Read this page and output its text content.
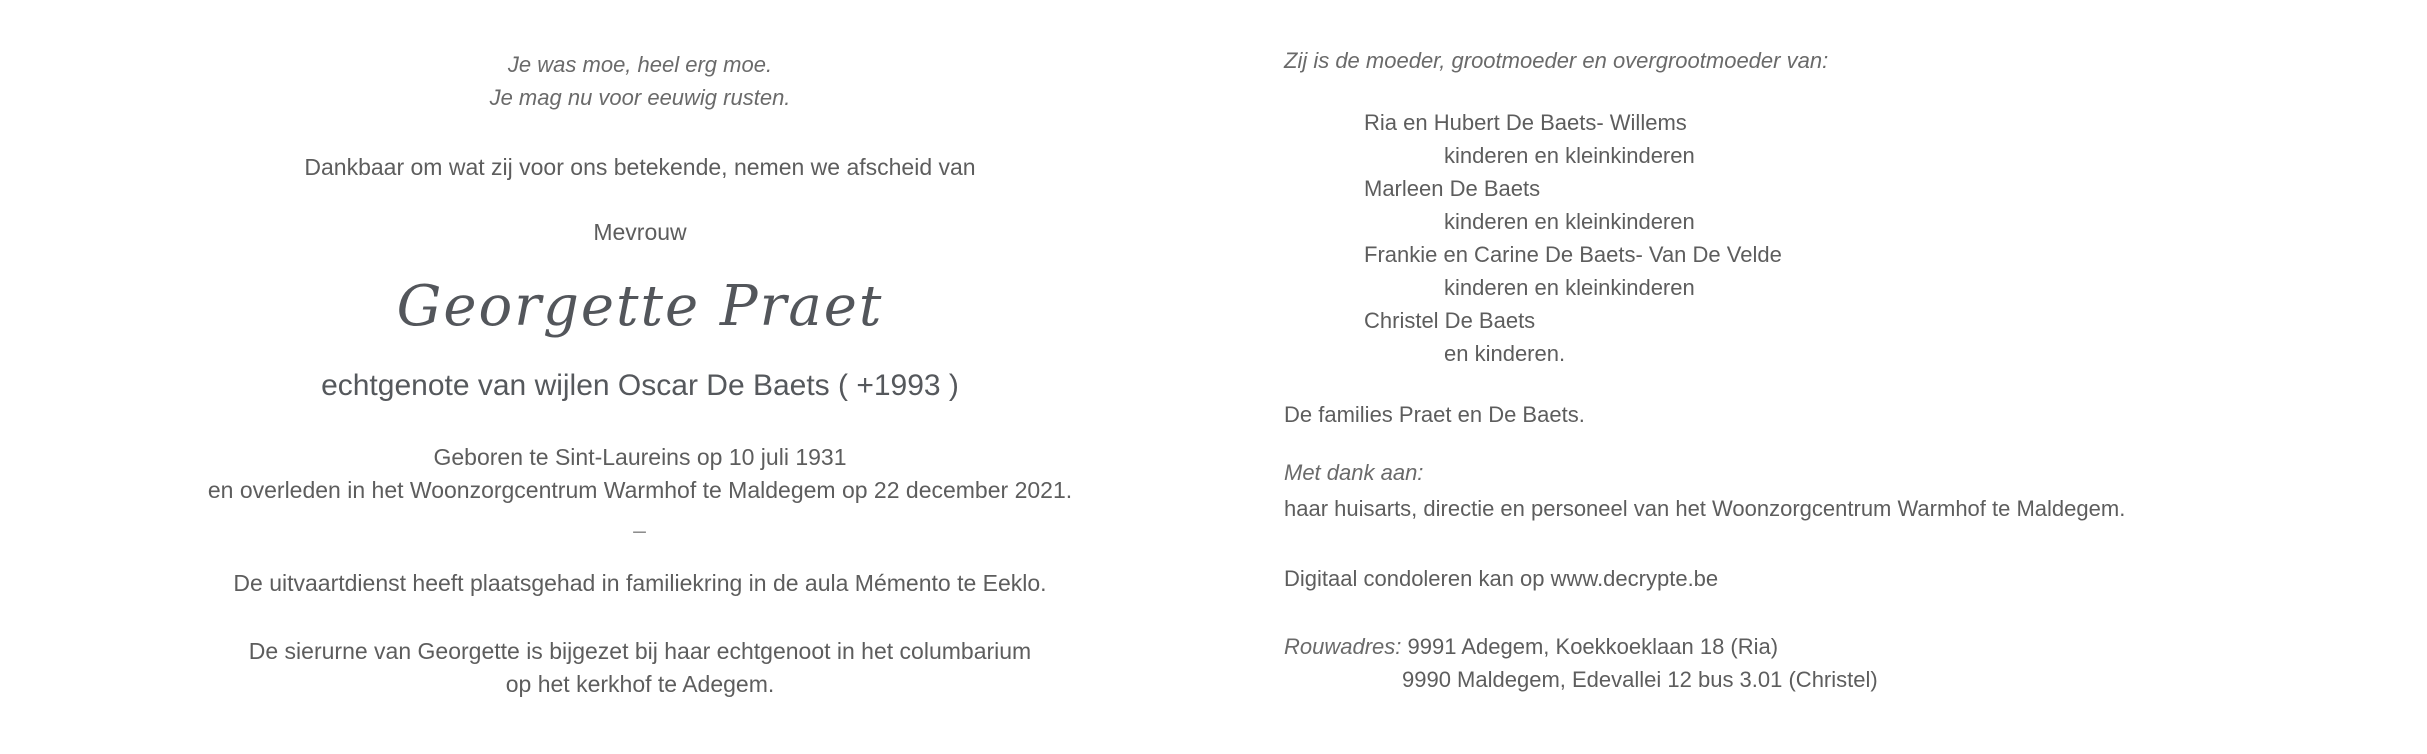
Je was moe, heel erg moe.
Je mag nu voor eeuwig rusten.
Dankbaar om wat zij voor ons betekende, nemen we afscheid van
Mevrouw
Georgette Praet
echtgenote van wijlen Oscar De Baets ( +1993 )
Geboren te Sint-Laureins op 10 juli 1931
en overleden in het Woonzorgcentrum Warmhof te Maldegem op 22 december 2021.
–
De uitvaartdienst heeft plaatsgehad in familiekring in de aula Mémento te Eeklo.
De sierurne van Georgette is bijgezet bij haar echtgenoot in het columbarium
op het kerkhof te Adegem.
Zij is de moeder, grootmoeder en overgrootmoeder van:
Ria en Hubert De Baets- Willems
kinderen en kleinkinderen
Marleen De Baets
kinderen en kleinkinderen
Frankie en Carine De Baets- Van De Velde
kinderen en kleinkinderen
Christel De Baets
en kinderen.
De families Praet en De Baets.
Met dank aan:
haar huisarts, directie en personeel van het Woonzorgcentrum Warmhof te Maldegem.
Digitaal condoleren kan op www.decrypte.be
Rouwadres: 9991 Adegem, Koekkoeklaan 18 (Ria)
9990 Maldegem, Edevallei 12 bus 3.01 (Christel)
